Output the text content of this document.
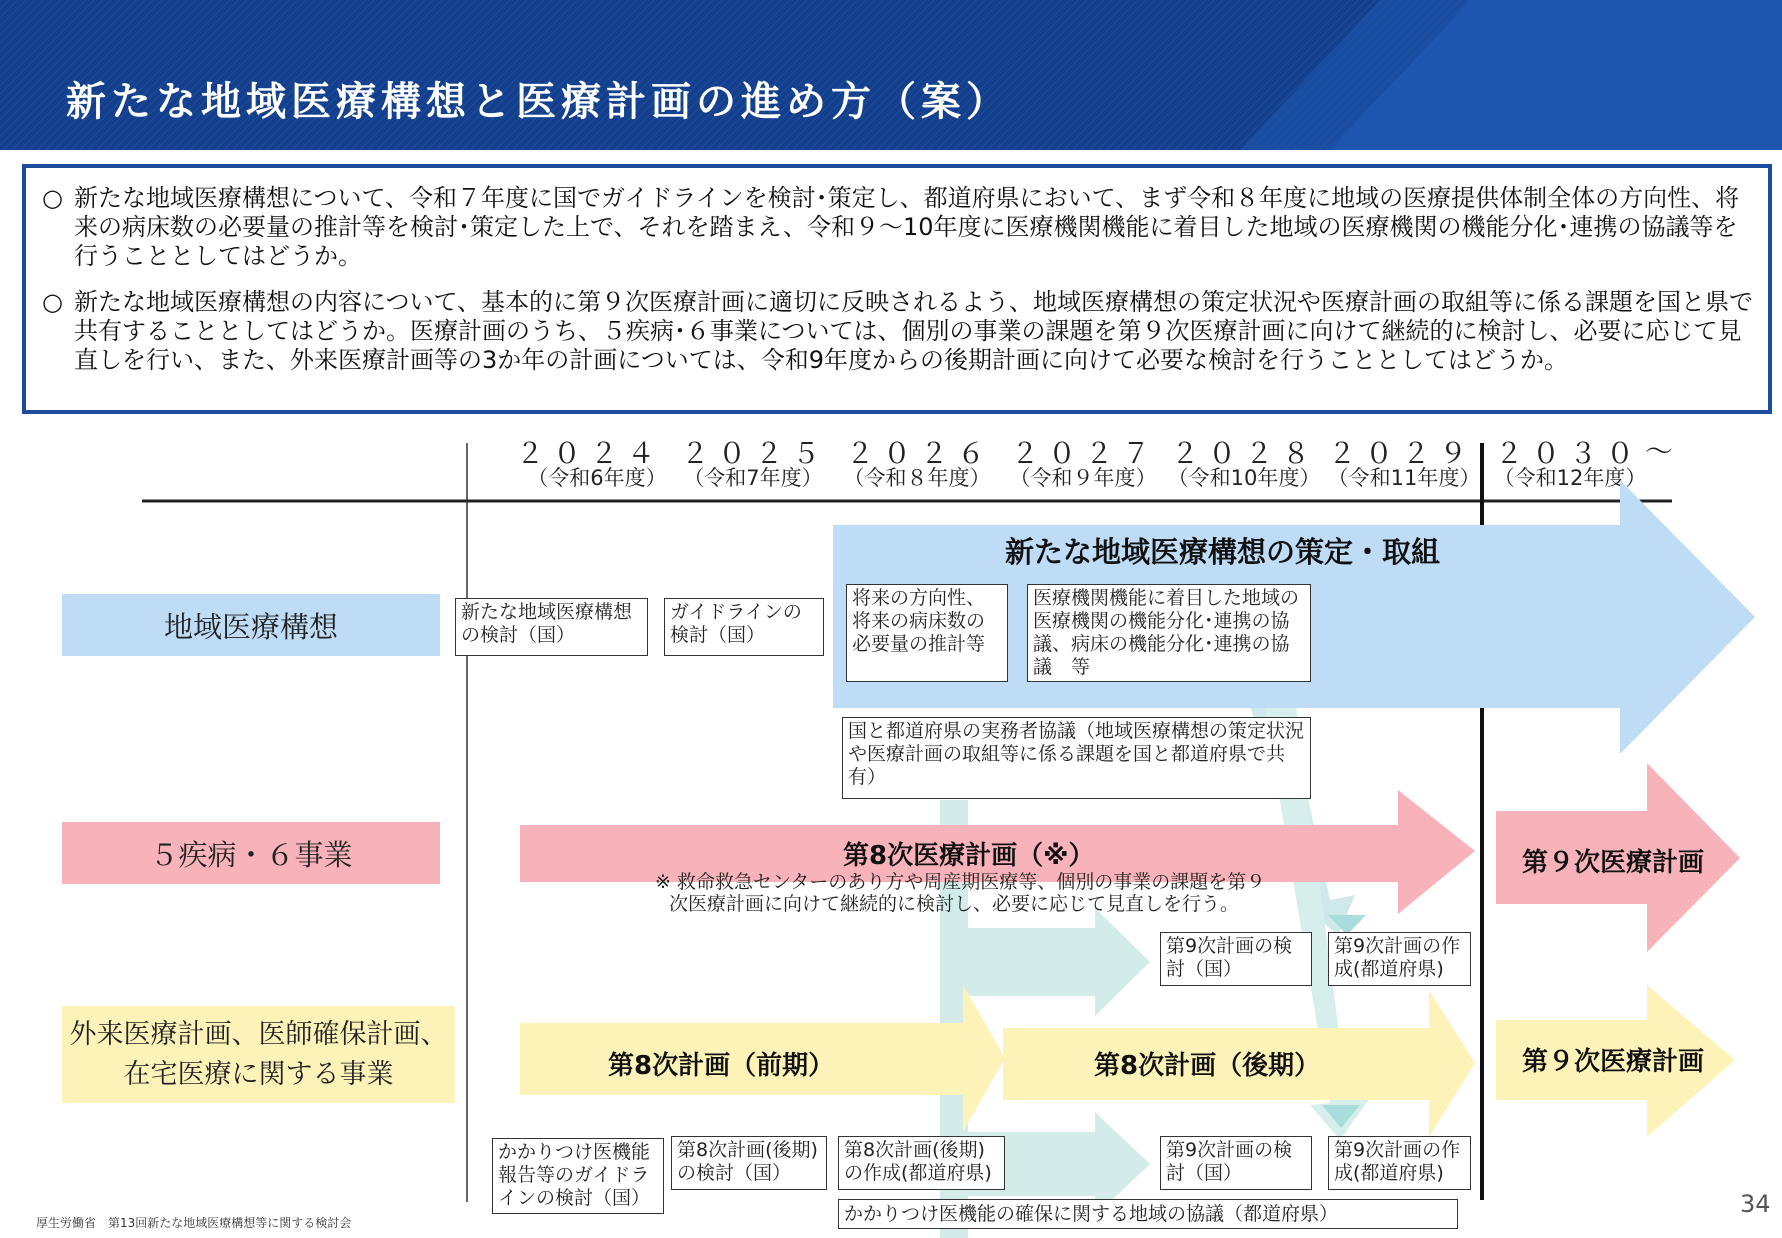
新たな地域医療構想と医療計画の進め方（案）
○ 新たな地域医療構想について、令和７年度に国でガイドラインを検討･策定し、都道府県において、まず令和８年度に地域の医療提供体制全体の方向性、将来の病床数の必要量の推計等を検討･策定した上で、それを踏まえ、令和９～10年度に医療機関機能に着目した地域の医療機関の機能分化･連携の協議等を行うこととしてはどうか。
○ 新たな地域医療構想の内容について、基本的に第９次医療計画に適切に反映されるよう、地域医療構想の策定状況や医療計画の取組等に係る課題を国と県で共有することとしてはどうか。医療計画のうち、５疾病･６事業については、個別の事業の課題を第９次医療計画に向けて継続的に検討し、必要に応じて見直しを行い、また、外来医療計画等の3か年の計画については、令和9年度からの後期計画に向けて必要な検討を行うこととしてはどうか。
２０２４
（令和6年度）
２０２５
（令和7年度）
２０２６
（令和８年度）
２０２７
（令和９年度）
２０２８
（令和10年度）
２０２９
（令和11年度）
２０３０
（令和12年度）
～
地域医療構想
５疾病・６事業
外来医療計画、医師確保計画、
在宅医療に関する事業
新たな地域医療構想の策定・取組
新たな地域医療構想の検討（国）
ガイドラインの検討（国）
将来の方向性、将来の病床数の必要量の推計等
医療機関機能に着目した地域の医療機関の機能分化･連携の協議、病床の機能分化･連携の協議　等
国と都道府県の実務者協議（地域医療構想の策定状況や医療計画の取組等に係る課題を国と都道府県で共有）
第8次医療計画（※）
※ 救命救急センターのあり方や周産期医療等、個別の事業の課題を第９
次医療計画に向けて継続的に検討し、必要に応じて見直しを行う。
第９次医療計画
第9次計画の検討（国）
第9次計画の作成(都道府県)
第8次計画（前期）	第8次計画（後期）	第９次医療計画
かかりつけ医機能報告等のガイドラインの検討（国）
第8次計画(後期)の検討（国）
第8次計画(後期)の作成(都道府県)
第9次計画の検討（国）
第9次計画の作成(都道府県)
かかりつけ医機能の確保に関する地域の協議（都道府県）
厚生労働省　第13回新たな地域医療構想等に関する検討会
34
